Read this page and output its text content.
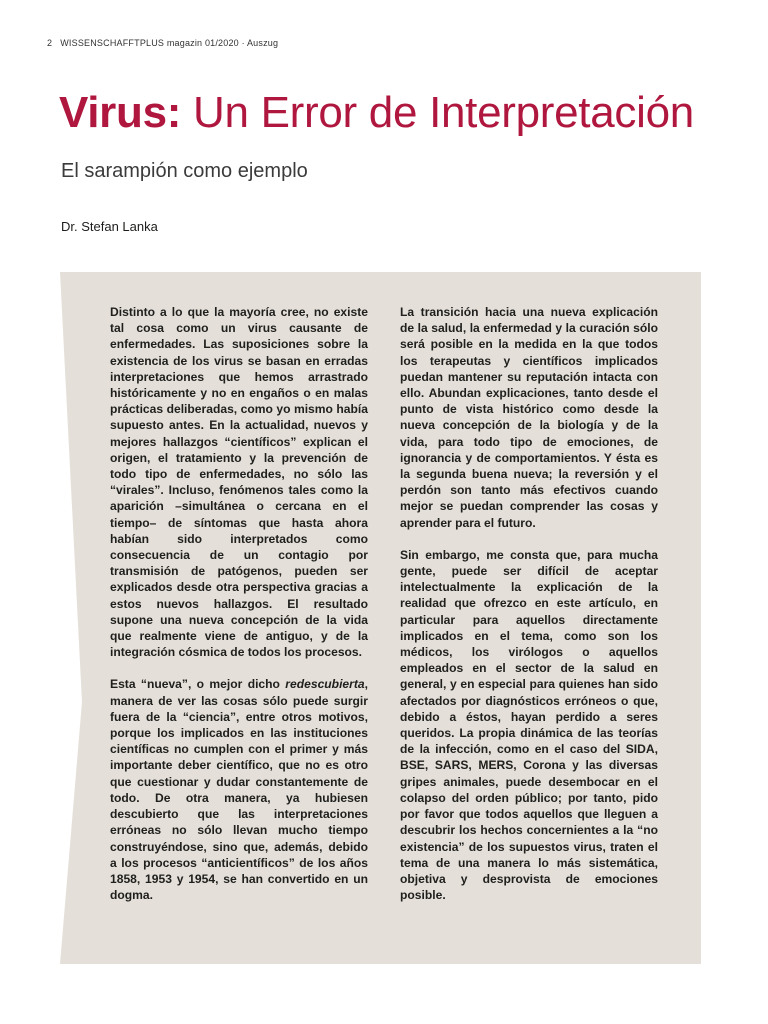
2 WISSENSCHAFFTPLUS magazin 01/2020 · Auszug
Virus: Un Error de Interpretación
El sarampión como ejemplo
Dr. Stefan Lanka

Distinto a lo que la mayoría cree, no existe tal cosa como un virus causante de enfermedades. Las suposiciones sobre la existencia de los virus se basan en erradas interpretaciones que hemos arrastrado históricamente y no en engaños o en malas prácticas deliberadas, como yo mismo había supuesto antes. En la actualidad, nuevos y mejores hallazgos “científicos” explican el origen, el tratamiento y la prevención de todo tipo de enfermedades, no sólo las “virales”. Incluso, fenómenos tales como la aparición –simultánea o cercana en el tiempo– de síntomas que hasta ahora habían sido interpretados como consecuencia de un contagio por transmisión de patógenos, pueden ser explicados desde otra perspectiva gracias a estos nuevos hallazgos. El resultado supone una nueva concepción de la vida que realmente viene de antiguo, y de la integración cósmica de todos los procesos.

Esta “nueva”, o mejor dicho redescubierta, manera de ver las cosas sólo puede surgir fuera de la “ciencia”, entre otros motivos, porque los implicados en las instituciones científicas no cumplen con el primer y más importante deber científico, que no es otro que cuestionar y dudar constantemente de todo. De otra manera, ya hubiesen descubierto que las interpretaciones erróneas no sólo llevan mucho tiempo construyéndose, sino que, además, debido a los procesos “anticientíficos” de los años 1858, 1953 y 1954, se han convertido en un dogma.

La transición hacia una nueva explicación de la salud, la enfermedad y la curación sólo será posible en la medida en la que todos los terapeutas y científicos implicados puedan mantener su reputación intacta con ello. Abundan explicaciones, tanto desde el punto de vista histórico como desde la nueva concepción de la biología y de la vida, para todo tipo de emociones, de ignorancia y de comportamientos. Y ésta es la segunda buena nueva; la reversión y el perdón son tanto más efectivos cuando mejor se puedan comprender las cosas y aprender para el futuro.

Sin embargo, me consta que, para mucha gente, puede ser difícil de aceptar intelectualmente la explicación de la realidad que ofrezco en este artículo, en particular para aquellos directamente implicados en el tema, como son los médicos, los virólogos o aquellos empleados en el sector de la salud en general, y en especial para quienes han sido afectados por diagnósticos erróneos o que, debido a éstos, hayan perdido a seres queridos. La propia dinámica de las teorías de la infección, como en el caso del SIDA, BSE, SARS, MERS, Corona y las diversas gripes animales, puede desembocar en el colapso del orden público; por tanto, pido por favor que todos aquellos que lleguen a descubrir los hechos concernientes a la “no existencia” de los supuestos virus, traten el tema de una manera lo más sistemática, objetiva y desprovista de emociones posible.
